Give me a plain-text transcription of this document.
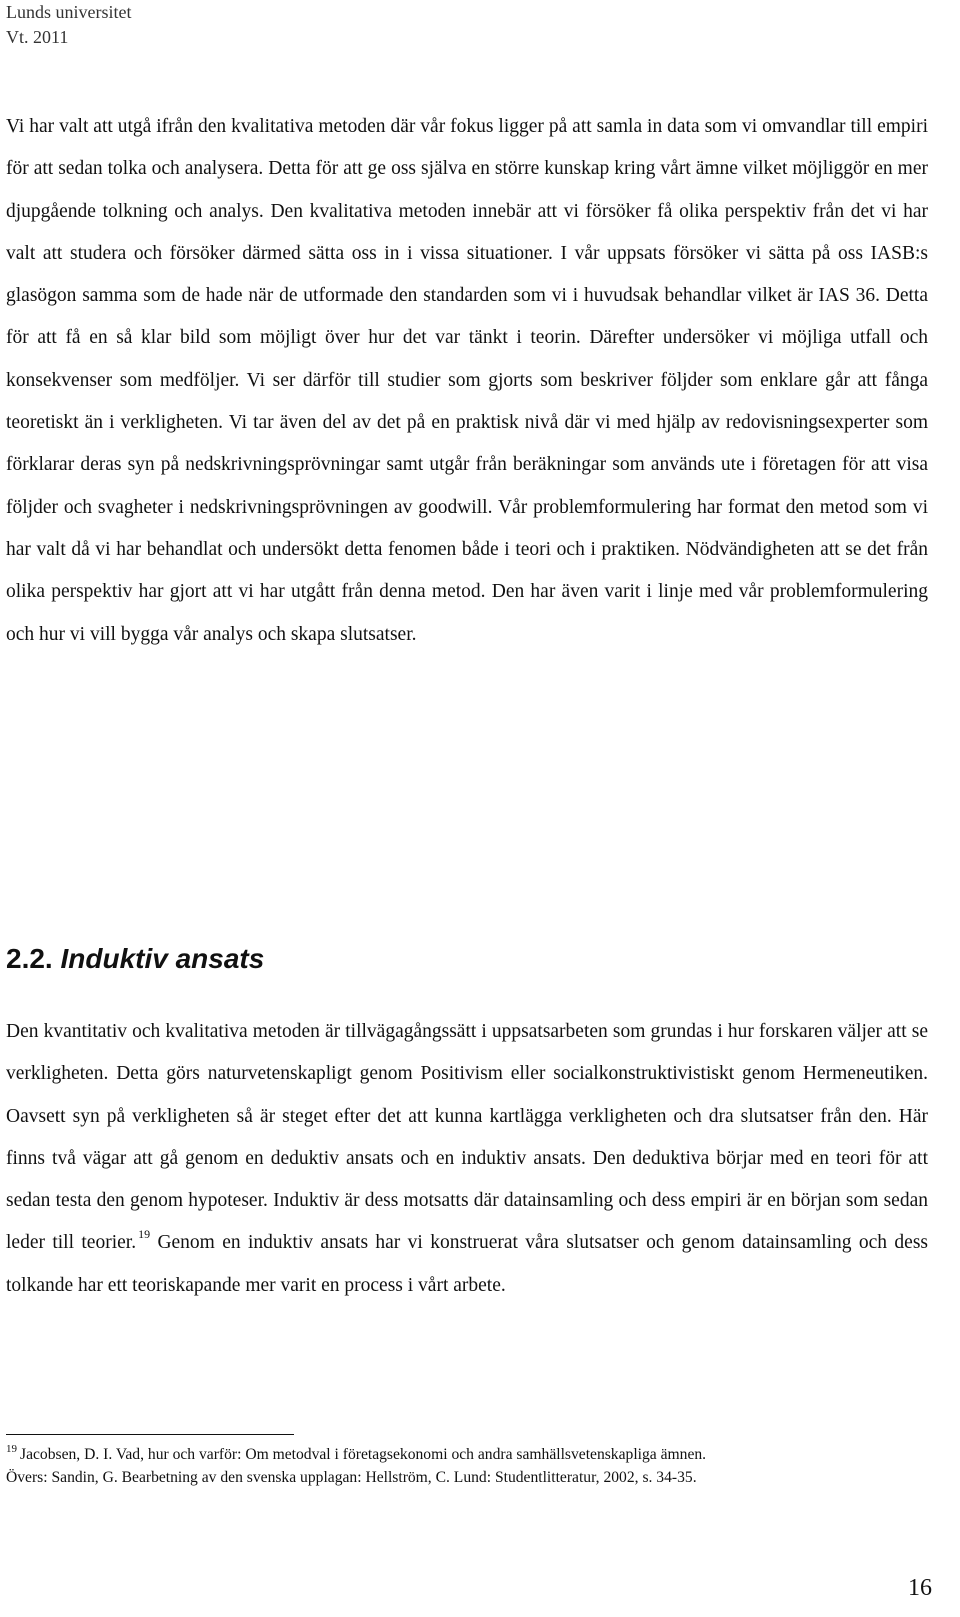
Lunds universitet
Vt. 2011

Vi har valt att utgå ifrån den kvalitativa metoden där vår fokus ligger på att samla in data som vi omvandlar till empiri för att sedan tolka och analysera. Detta för att ge oss själva en större kunskap kring vårt ämne vilket möjliggör en mer djupgående tolkning och analys. Den kvalitativa metoden innebär att vi försöker få olika perspektiv från det vi har valt att studera och försöker därmed sätta oss in i vissa situationer. I vår uppsats försöker vi sätta på oss IASB:s glasögon samma som de hade när de utformade den standarden som vi i huvudsak behandlar vilket är IAS 36. Detta för att få en så klar bild som möjligt över hur det var tänkt i teorin. Därefter undersöker vi möjliga utfall och konsekvenser som medföljer. Vi ser därför till studier som gjorts som beskriver följder som enklare går att fånga teoretiskt än i verkligheten. Vi tar även del av det på en praktisk nivå där vi med hjälp av redovisningsexperter som förklarar deras syn på nedskrivningsprövningar samt utgår från beräkningar som används ute i företagen för att visa följder och svagheter i nedskrivningsprövningen av goodwill. Vår problemformulering har format den metod som vi har valt då vi har behandlat och undersökt detta fenomen både i teori och i praktiken. Nödvändigheten att se det från olika perspektiv har gjort att vi har utgått från denna metod. Den har även varit i linje med vår problemformulering och hur vi vill bygga vår analys och skapa slutsatser.

2.2. Induktiv ansats

Den kvantitativ och kvalitativa metoden är tillvägagångssätt i uppsatsarbeten som grundas i hur forskaren väljer att se verkligheten. Detta görs naturvetenskapligt genom Positivism eller socialkonstruktivistiskt genom Hermeneutiken. Oavsett syn på verkligheten så är steget efter det att kunna kartlägga verkligheten och dra slutsatser från den. Här finns två vägar att gå genom en deduktiv ansats och en induktiv ansats. Den deduktiva börjar med en teori för att sedan testa den genom hypoteser. Induktiv är dess motsatts där datainsamling och dess empiri är en början som sedan leder till teorier. $^{19}$ Genom en induktiv ansats har vi konstruerat våra slutsatser och genom datainsamling och dess tolkande har ett teoriskapande mer varit en process i vårt arbete.

$^{19}$ Jacobsen, D. I. Vad, hur och varför: Om metodval i företagsekonomi och andra samhällsvetenskapliga ämnen.
Övers: Sandin, G. Bearbetning av den svenska upplagan: Hellström, C. Lund: Studentlitteratur, 2002, s. 34-35.
16
